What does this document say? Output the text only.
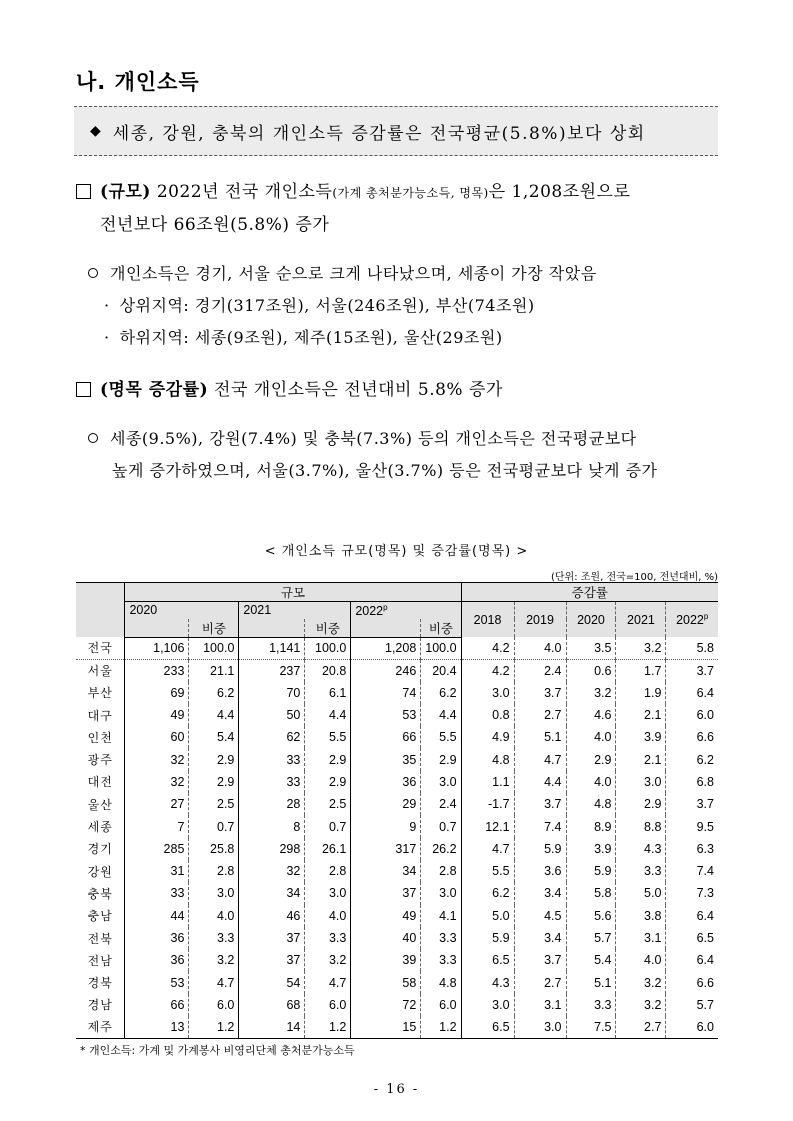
나. 개인소득
◆ 세종, 강원, 충북의 개인소득 증감률은 전국평균(5.8%)보다 상회
(규모) 2022년 전국 개인소득(가계 총처분가능소득, 명목)은 1,208조원으로
전년보다 66조원(5.8%) 증가
개인소득은 경기, 서울 순으로 크게 나타났으며, 세종이 가장 작았음
· 상위지역: 경기(317조원), 서울(246조원), 부산(74조원)
· 하위지역: 세종(9조원), 제주(15조원), 울산(29조원)
(명목 증감률) 전국 개인소득은 전년대비 5.8% 증가
세종(9.5%), 강원(7.4%) 및 충북(7.3%) 등의 개인소득은 전국평균보다
높게 증가하였으며, 서울(3.7%), 울산(3.7%) 등은 전국평균보다 낮게 증가
< 개인소득 규모(명목) 및 증감률(명목) >
(단위: 조원, 전국=100, 전년대비, %)
	규모						증감률				
	2020		2021		2022$^p$		2018	2019	2020	2021	2022$^p$
		비중		비중		비중					
전국	1,106	100.0	1,141	100.0	1,208	100.0	4.2	4.0	3.5	3.2	5.8
서울	233	21.1	237	20.8	246	20.4	4.2	2.4	0.6	1.7	3.7
부산	69	6.2	70	6.1	74	6.2	3.0	3.7	3.2	1.9	6.4
대구	49	4.4	50	4.4	53	4.4	0.8	2.7	4.6	2.1	6.0
인천	60	5.4	62	5.5	66	5.5	4.9	5.1	4.0	3.9	6.6
광주	32	2.9	33	2.9	35	2.9	4.8	4.7	2.9	2.1	6.2
대전	32	2.9	33	2.9	36	3.0	1.1	4.4	4.0	3.0	6.8
울산	27	2.5	28	2.5	29	2.4	-1.7	3.7	4.8	2.9	3.7
세종	7	0.7	8	0.7	9	0.7	12.1	7.4	8.9	8.8	9.5
경기	285	25.8	298	26.1	317	26.2	4.7	5.9	3.9	4.3	6.3
강원	31	2.8	32	2.8	34	2.8	5.5	3.6	5.9	3.3	7.4
충북	33	3.0	34	3.0	37	3.0	6.2	3.4	5.8	5.0	7.3
충남	44	4.0	46	4.0	49	4.1	5.0	4.5	5.6	3.8	6.4
전북	36	3.3	37	3.3	40	3.3	5.9	3.4	5.7	3.1	6.5
전남	36	3.2	37	3.2	39	3.3	6.5	3.7	5.4	4.0	6.4
경북	53	4.7	54	4.7	58	4.8	4.3	2.7	5.1	3.2	6.6
경남	66	6.0	68	6.0	72	6.0	3.0	3.1	3.3	3.2	5.7
제주	13	1.2	14	1.2	15	1.2	6.5	3.0	7.5	2.7	6.0
* 개인소득: 가계 및 가계봉사 비영리단체 총처분가능소득
- 16 -
